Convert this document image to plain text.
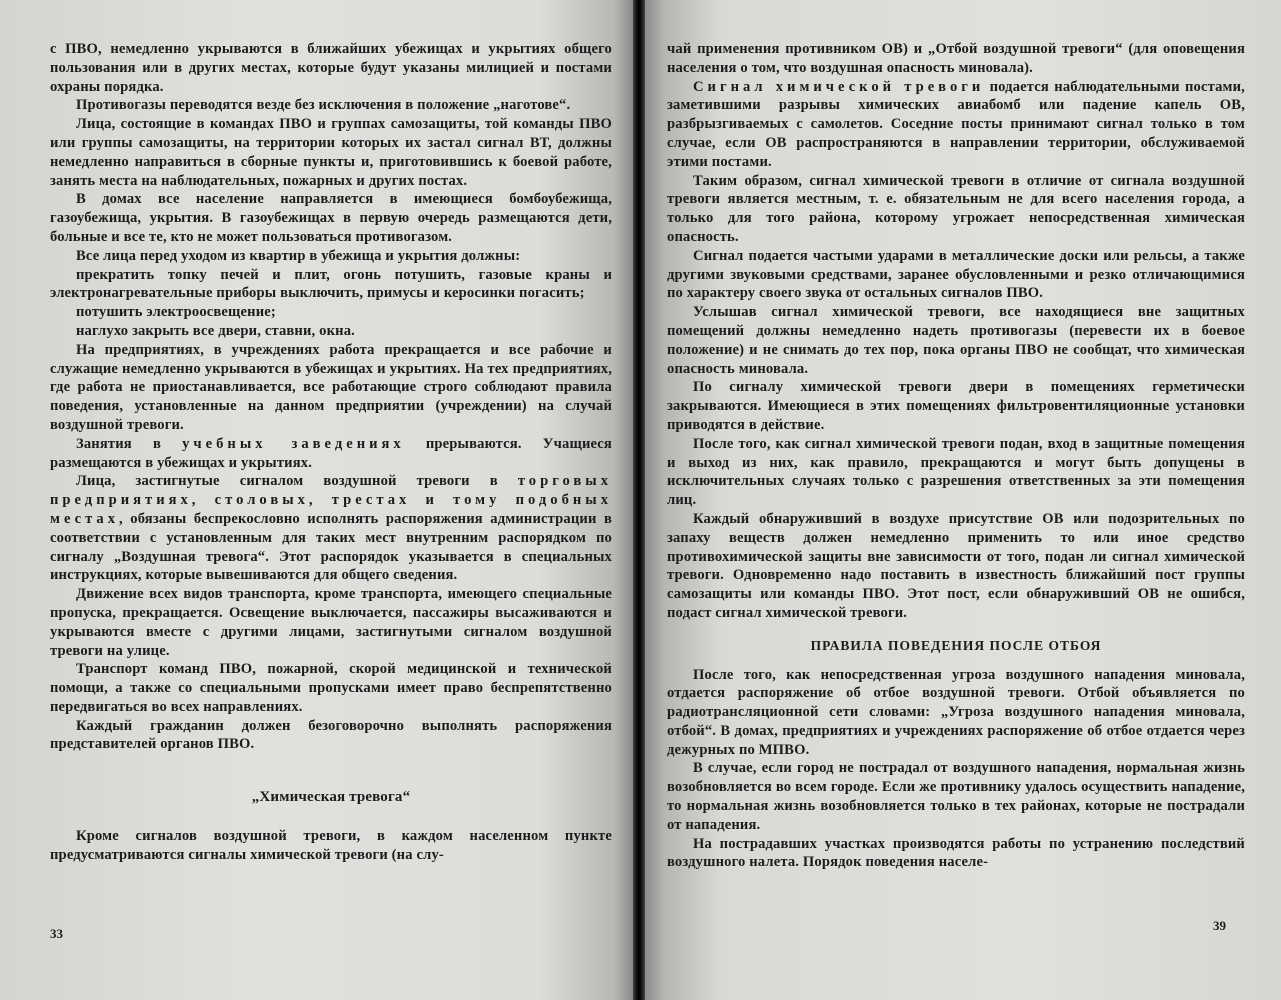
с ПВО, немедленно укрываются в ближайших убежищах и укрытиях общего пользования или в других местах, которые будут указаны милицией и постами охраны порядка.

Противогазы переводятся везде без исключения в положение „наготове“.

Лица, состоящие в командах ПВО и группах самозащиты, той команды ПВО или группы самозащиты, на территории которых их застал сигнал ВТ, должны немедленно направиться в сборные пункты и, приготовившись к боевой работе, занять места на наблюдательных, пожарных и других постах.

В домах все население направляется в имеющиеся бомбоубежища, газоубежища, укрытия. В газоубежищах в первую очередь размещаются дети, больные и все те, кто не может пользоваться противогазом.

Все лица перед уходом из квартир в убежища и укрытия должны:

прекратить топку печей и плит, огонь потушить, газовые краны и электронагревательные приборы выключить, примусы и керосинки погасить;

потушить электроосвещение;

наглухо закрыть все двери, ставни, окна.

На предприятиях, в учреждениях работа прекращается и все рабочие и служащие немедленно укрываются в убежищах и укрытиях. На тех предприятиях, где работа не приостанавливается, все работающие строго соблюдают правила поведения, установленные на данном предприятии (учреждении) на случай воздушной тревоги.

Занятия в учебных заведениях прерываются. Учащиеся размещаются в убежищах и укрытиях.

Лица, застигнутые сигналом воздушной тревоги в торговых предприятиях, столовых, трестах и тому подобных местах, обязаны беспрекословно исполнять распоряжения администрации в соответствии с установленным для таких мест внутренним распорядком по сигналу „Воздушная тревога“. Этот распорядок указывается в специальных инструкциях, которые вывешиваются для общего сведения.

Движение всех видов транспорта, кроме транспорта, имеющего специальные пропуска, прекращается. Освещение выключается, пассажиры высаживаются и укрываются вместе с другими лицами, застигнутыми сигналом воздушной тревоги на улице.

Транспорт команд ПВО, пожарной, скорой медицинской и технической помощи, а также со специальными пропусками имеет право беспрепятственно передвигаться во всех направлениях.

Каждый гражданин должен безоговорочно выполнять распоряжения представителей органов ПВО.

„Химическая тревога“

Кроме сигналов воздушной тревоги, в каждом населенном пункте предусматриваются сигналы химической тревоги (на слу-

33

чай применения противником ОВ) и „Отбой воздушной тревоги“ (для оповещения населения о том, что воздушная опасность миновала).

Сигнал химической тревоги подается наблюдательными постами, заметившими разрывы химических авиабомб или падение капель ОВ, разбрызгиваемых с самолетов. Соседние посты принимают сигнал только в том случае, если ОВ распространяются в направлении территории, обслуживаемой этими постами.

Таким образом, сигнал химической тревоги в отличие от сигнала воздушной тревоги является местным, т. е. обязательным не для всего населения города, а только для того района, которому угрожает непосредственная химическая опасность.

Сигнал подается частыми ударами в металлические доски или рельсы, а также другими звуковыми средствами, заранее обусловленными и резко отличающимися по характеру своего звука от остальных сигналов ПВО.

Услышав сигнал химической тревоги, все находящиеся вне защитных помещений должны немедленно надеть противогазы (перевести их в боевое положение) и не снимать до тех пор, пока органы ПВО не сообщат, что химическая опасность миновала.

По сигналу химической тревоги двери в помещениях герметически закрываются. Имеющиеся в этих помещениях фильтровентиляционные установки приводятся в действие.

После того, как сигнал химической тревоги подан, вход в защитные помещения и выход из них, как правило, прекращаются и могут быть допущены в исключительных случаях только с разрешения ответственных за эти помещения лиц.

Каждый обнаруживший в воздухе присутствие ОВ или подозрительных по запаху веществ должен немедленно применить то или иное средство противохимической защиты вне зависимости от того, подан ли сигнал химической тревоги. Одновременно надо поставить в известность ближайший пост группы самозащиты или команды ПВО. Этот пост, если обнаруживший ОВ не ошибся, подаст сигнал химической тревоги.

ПРАВИЛА ПОВЕДЕНИЯ ПОСЛЕ ОТБОЯ

После того, как непосредственная угроза воздушного нападения миновала, отдается распоряжение об отбое воздушной тревоги. Отбой объявляется по радиотрансляционной сети словами: „Угроза воздушного нападения миновала, отбой“. В домах, предприятиях и учреждениях распоряжение об отбое отдается через дежурных по МПВО.

В случае, если город не пострадал от воздушного нападения, нормальная жизнь возобновляется во всем городе. Если же противнику удалось осуществить нападение, то нормальная жизнь возобновляется только в тех районах, которые не пострадали от нападения.

На пострадавших участках производятся работы по устранению последствий воздушного налета. Порядок поведения населе-

39
